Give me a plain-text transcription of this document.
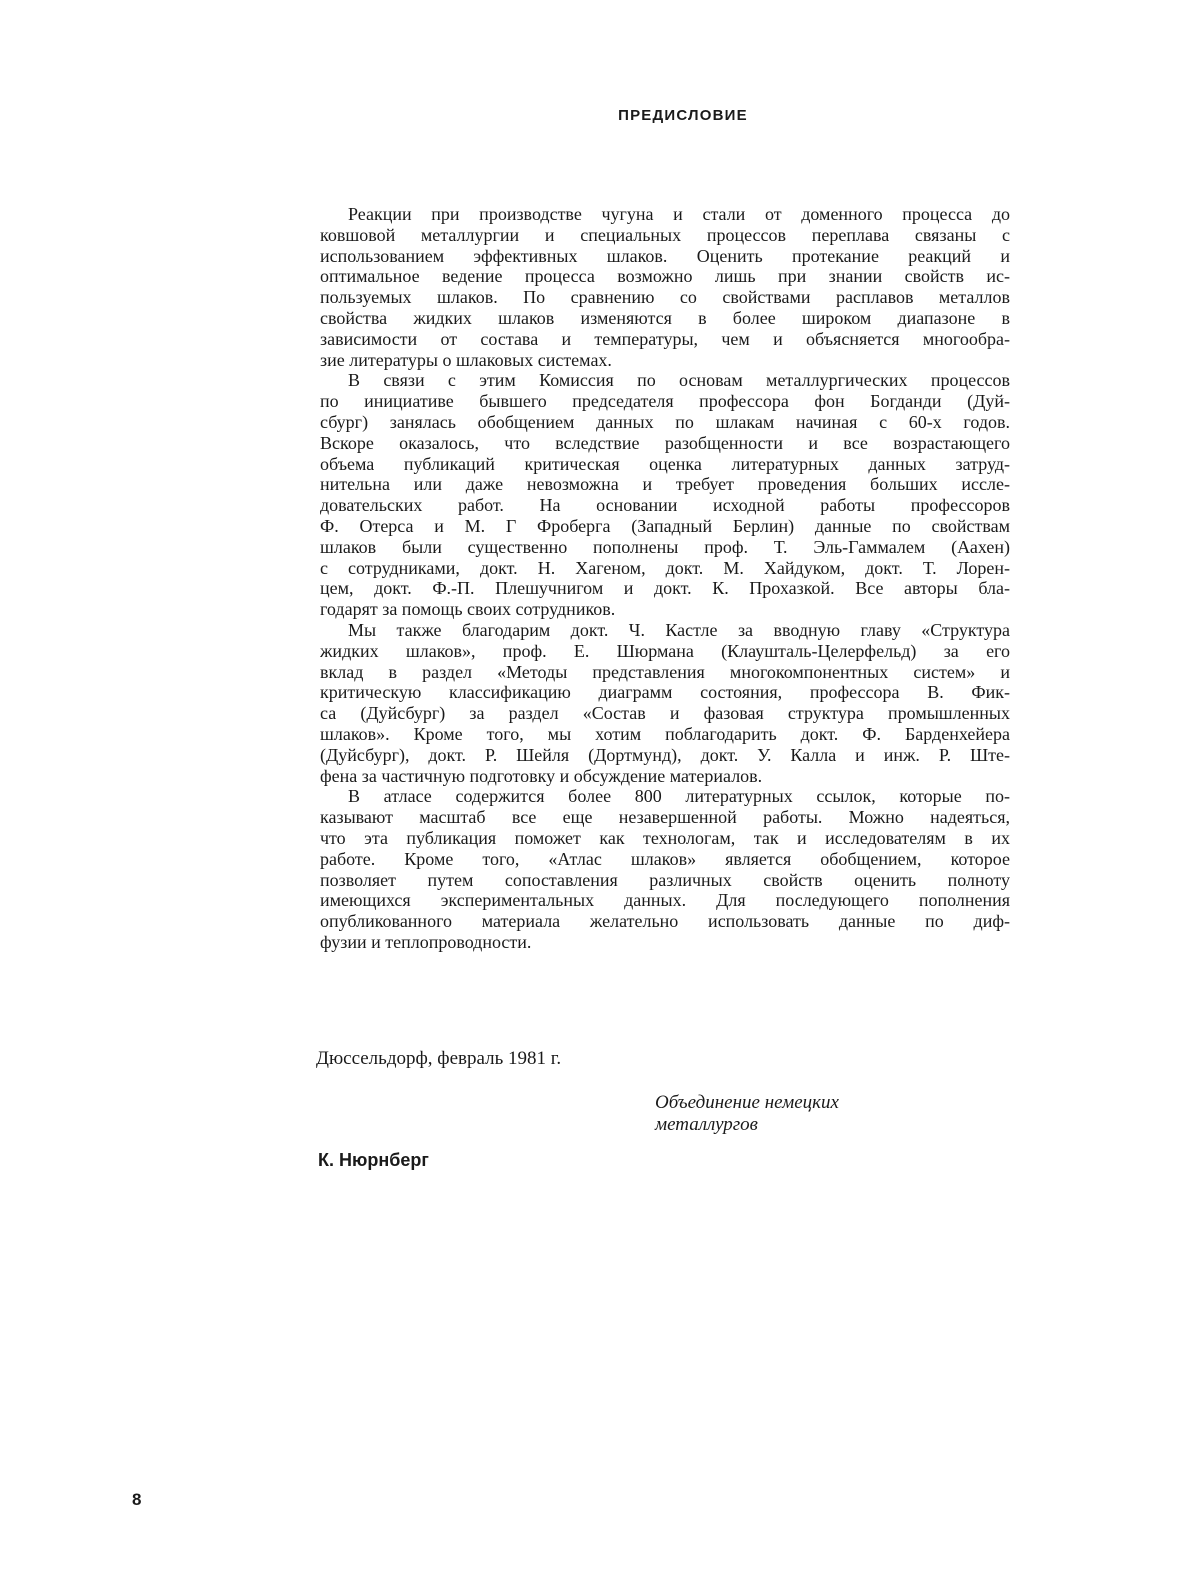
ПРЕДИСЛОВИЕ
Реакции при производстве чугуна и стали от доменного процесса до
ковшовой металлургии и специальных процессов переплава связаны с
использованием эффективных шлаков. Оценить протекание реакций и
оптимальное ведение процесса возможно лишь при знании свойств ис-
пользуемых шлаков. По сравнению со свойствами расплавов металлов
свойства жидких шлаков изменяются в более широком диапазоне в
зависимости от состава и температуры, чем и объясняется многообра-
зие литературы о шлаковых системах.
В связи с этим Комиссия по основам металлургических процессов
по инициативе бывшего председателя профессора фон Богданди (Дуй-
сбург) занялась обобщением данных по шлакам начиная с 60-х годов.
Вскоре оказалось, что вследствие разобщенности и все возрастающего
объема публикаций критическая оценка литературных данных затруд-
нительна или даже невозможна и требует проведения больших иссле-
довательских работ. На основании исходной работы профессоров
Ф. Отерса и М. Г Фроберга (Западный Берлин) данные по свойствам
шлаков были существенно пополнены проф. Т. Эль-Гаммалем (Аахен)
с сотрудниками, докт. Н. Хагеном, докт. М. Хайдуком, докт. Т. Лорен-
цем, докт. Ф.-П. Плешучнигом и докт. К. Прохазкой. Все авторы бла-
годарят за помощь своих сотрудников.
Мы также благодарим докт. Ч. Кастле за вводную главу «Структура
жидких шлаков», проф. Е. Шюрмана (Клаушталь-Целерфельд) за его
вклад в раздел «Методы представления многокомпонентных систем» и
критическую классификацию диаграмм состояния, профессора В. Фик-
са (Дуйсбург) за раздел «Состав и фазовая структура промышленных
шлаков». Кроме того, мы хотим поблагодарить докт. Ф. Барденхейера
(Дуйсбург), докт. Р. Шейля (Дортмунд), докт. У. Калла и инж. Р. Ште-
фена за частичную подготовку и обсуждение материалов.
В атласе содержится более 800 литературных ссылок, которые по-
казывают масштаб все еще незавершенной работы. Можно надеяться,
что эта публикация поможет как технологам, так и исследователям в их
работе. Кроме того, «Атлас шлаков» является обобщением, которое
позволяет путем сопоставления различных свойств оценить полноту
имеющихся экспериментальных данных. Для последующего пополнения
опубликованного материала желательно использовать данные по диф-
фузии и теплопроводности.

Дюссельдорф, февраль 1981 г.

Объединение немецких
металлургов

К. Нюрнберг

8
